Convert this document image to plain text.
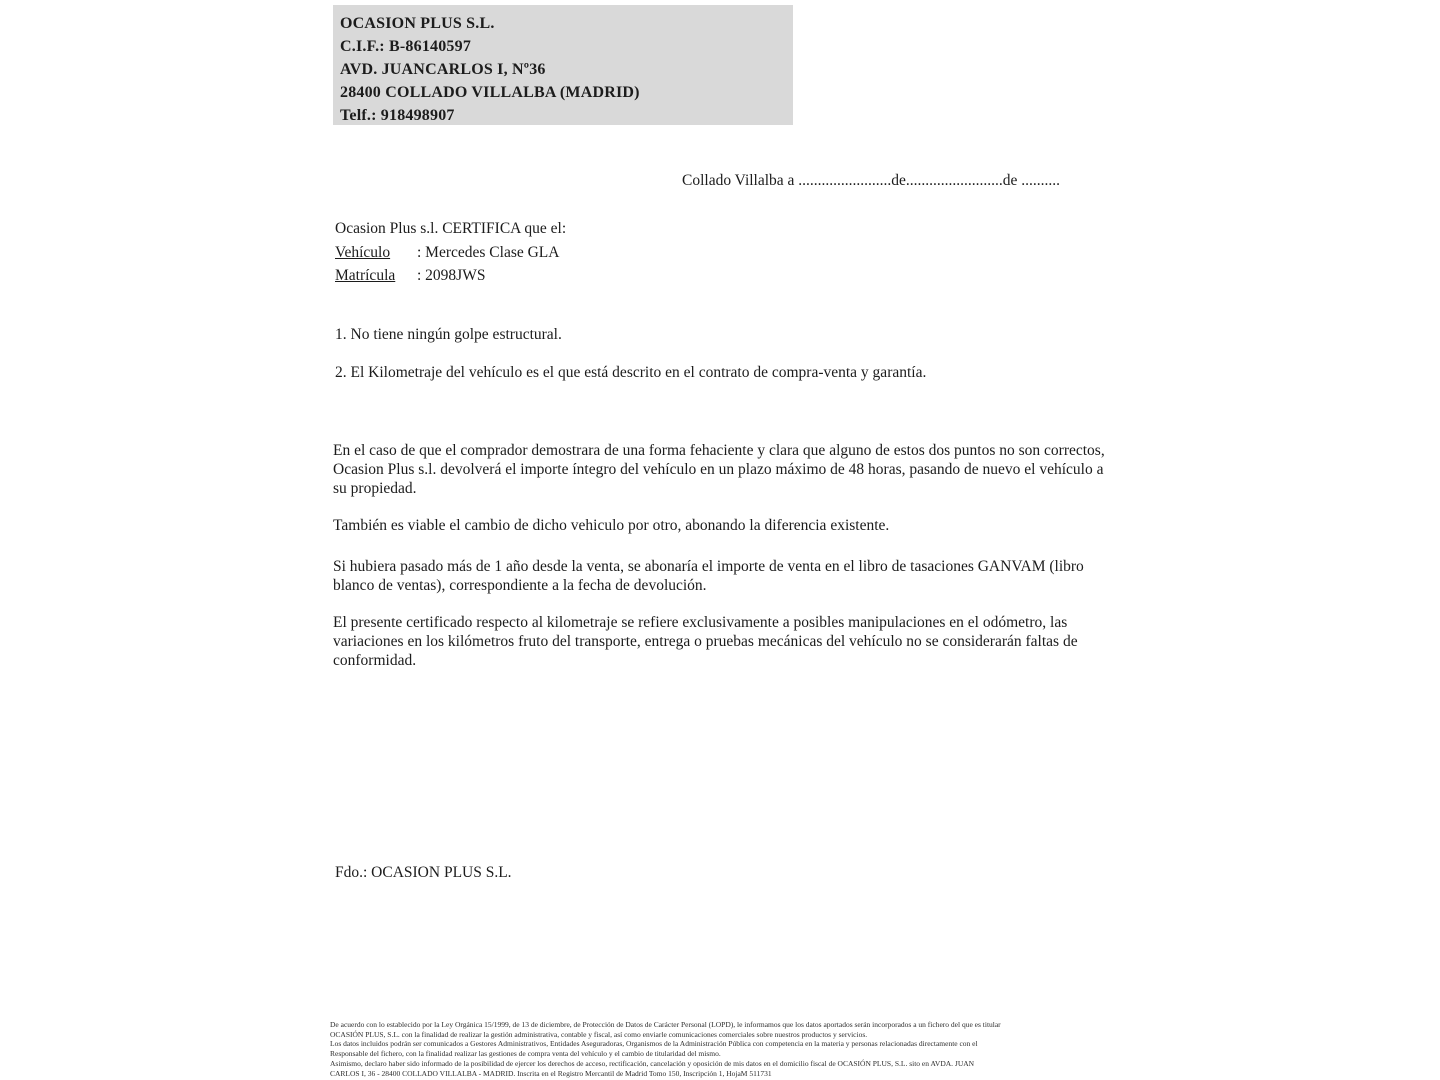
OCASION PLUS S.L.
C.I.F.: B-86140597
AVD. JUANCARLOS I, Nº36
28400 COLLADO VILLALBA (MADRID)
Telf.: 918498907
Collado Villalba a ........................de.........................de ..........
Ocasion Plus s.l. CERTIFICA que el:
Vehículo : Mercedes Clase GLA
Matrícula : 2098JWS
1. No tiene ningún golpe estructural.
2. El Kilometraje del vehículo es el que está descrito en el contrato de compra-venta y garantía.
En el caso de que el comprador demostrara de una forma fehaciente y clara que alguno de estos dos puntos no son correctos, Ocasion Plus s.l. devolverá el importe íntegro del vehículo en un plazo máximo de 48 horas, pasando de nuevo el vehículo a su propiedad.
También es viable el cambio de dicho vehiculo por otro, abonando la diferencia existente.
Si hubiera pasado más de 1 año desde la venta, se abonaría el importe de venta en el libro de tasaciones GANVAM (libro blanco de ventas), correspondiente a la fecha de devolución.
El presente certificado respecto al kilometraje se refiere exclusivamente a posibles manipulaciones en el odómetro, las variaciones en los kilómetros fruto del transporte, entrega o pruebas mecánicas del vehículo no se considerarán faltas de conformidad.
Fdo.: OCASION PLUS S.L.
De acuerdo con lo establecido por la Ley Orgánica 15/1999, de 13 de diciembre, de Protección de Datos de Carácter Personal (LOPD), le informamos que los datos aportados serán incorporados a un fichero del que es titular
OCASIÓN PLUS, S.L. con la finalidad de realizar la gestión administrativa, contable y fiscal, así como enviarle comunicaciones comerciales sobre nuestros productos y servicios.
Los datos incluidos podrán ser comunicados a Gestores Administrativos, Entidades Aseguradoras, Organismos de la Administración Pública con competencia en la materia y personas relacionadas directamente con el
Responsable del fichero, con la finalidad realizar las gestiones de compra venta del vehículo y el cambio de titularidad del mismo.
Asimismo, declaro haber sido informado de la posibilidad de ejercer los derechos de acceso, rectificación, cancelación y oposición de mis datos en el domicilio fiscal de OCASIÓN PLUS, S.L. sito en AVDA. JUAN
CARLOS I, 36 - 28400 COLLADO VILLALBA - MADRID. Inscrita en el Registro Mercantil de Madrid Tomo 150, Inscripción 1, HojaM 511731
